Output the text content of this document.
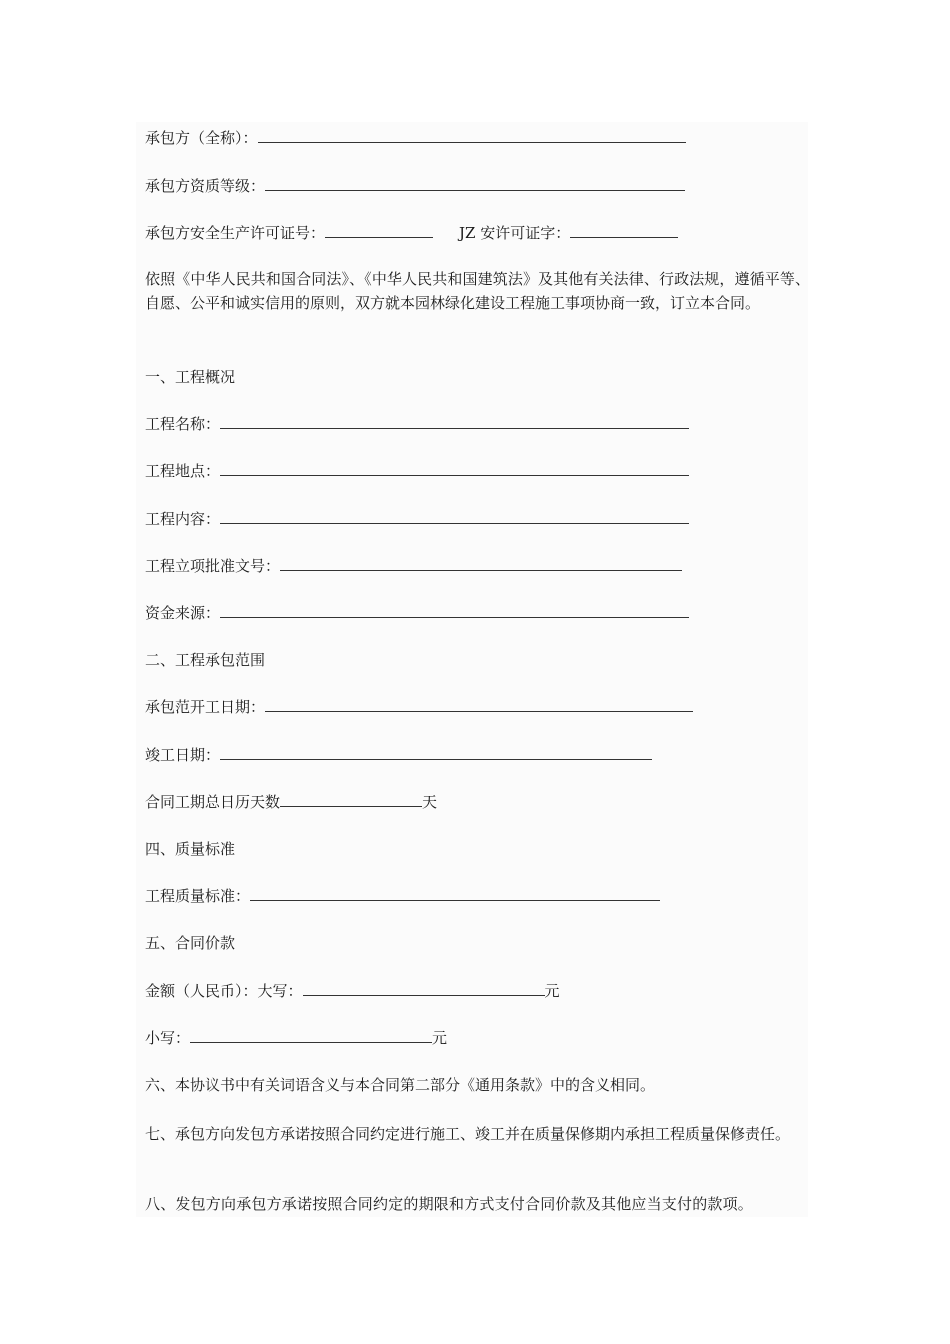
承包方（全称）：
承包方资质等级：
承包方安全生产许可证号：	JZ 安许可证字：
依照《中华人民共和国合同法》、《中华人民共和国建筑法》及其他有关法律、行政法规，遵循平等、自愿、公平和诚实信用的原则，双方就本园林绿化建设工程施工事项协商一致，订立本合同。
一、工程概况
工程名称：
工程地点：
工程内容：
工程立项批准文号：
资金来源：
二、工程承包范围
承包范开工日期：
竣工日期：
合同工期总日历天数	天
四、质量标准
工程质量标准：
五、合同价款
金额（人民币）：大写：	元
小写：	元
六、本协议书中有关词语含义与本合同第二部分《通用条款》中的含义相同。
七、承包方向发包方承诺按照合同约定进行施工、竣工并在质量保修期内承担工程质量保修责任。
八、发包方向承包方承诺按照合同约定的期限和方式支付合同价款及其他应当支付的款项。
